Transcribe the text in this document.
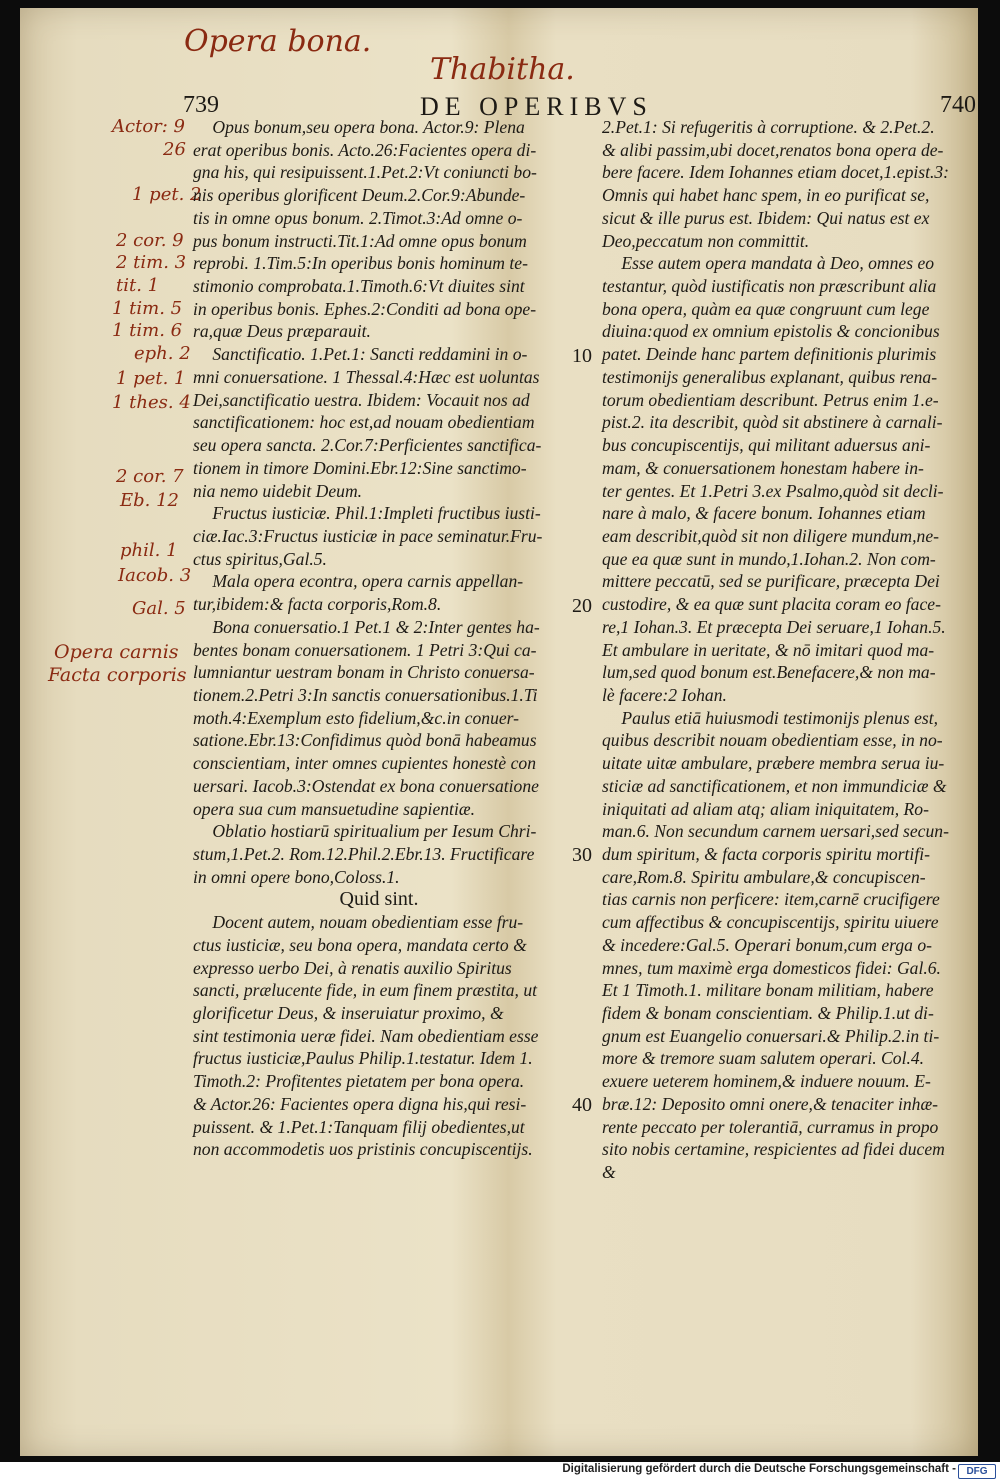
Opera bona.
Thabitha.
739	DE OPERIBVS	740
Actor: 9
26
1 pet. 2
2 cor. 9
2 tim. 3
tit. 1
1 tim. 5
1 tim. 6
eph. 2
1 pet. 1
1 thes. 4
2 cor. 7
Eb. 12
phil. 1
Iacob. 3
Gal. 5
Opera carnis
Facta corporis
10
20
30
40

Opus bonum,seu opera bona. Actor.9: Plena
erat operibus bonis. Acto.26:Facientes opera di-
gna his, qui resipuissent.1.Pet.2:Vt coniuncti bo-
nis operibus glorificent Deum.2.Cor.9:Abunde-
tis in omne opus bonum. 2.Timot.3:Ad omne o-
pus bonum instructi.Tit.1:Ad omne opus bonum
reprobi. 1.Tim.5:In operibus bonis hominum te-
stimonio comprobata.1.Timoth.6:Vt diuites sint
in operibus bonis. Ephes.2:Conditi ad bona ope-
ra,quæ Deus præparauit.

Sanctificatio. 1.Pet.1: Sancti reddamini in o-
mni conuersatione. 1 Thessal.4:Hæc est uoluntas
Dei,sanctificatio uestra. Ibidem: Vocauit nos ad
sanctificationem: hoc est,ad nouam obedientiam
seu opera sancta. 2.Cor.7:Perficientes sanctifica-
tionem in timore Domini.Ebr.12:Sine sanctimo-
nia nemo uidebit Deum.

Fructus iusticiæ. Phil.1:Impleti fructibus iusti-
ciæ.Iac.3:Fructus iusticiæ in pace seminatur.Fru-
ctus spiritus,Gal.5.

Mala opera econtra, opera carnis appellan-
tur,ibidem:& facta corporis,Rom.8.

Bona conuersatio.1 Pet.1 & 2:Inter gentes ha-
bentes bonam conuersationem. 1 Petri 3:Qui ca-
lumniantur uestram bonam in Christo conuersa-
tionem.2.Petri 3:In sanctis conuersationibus.1.Ti
moth.4:Exemplum esto fidelium,&c.in conuer-
satione.Ebr.13:Confidimus quòd bonā habeamus
conscientiam, inter omnes cupientes honestè con
uersari. Iacob.3:Ostendat ex bona conuersatione
opera sua cum mansuetudine sapientiæ.

Oblatio hostiarū spiritualium per Iesum Chri-
stum,1.Pet.2. Rom.12.Phil.2.Ebr.13. Fructificare
in omni opere bono,Coloss.1.

Quid sint.

Docent autem, nouam obedientiam esse fru-
ctus iusticiæ, seu bona opera, mandata certo &
expresso uerbo Dei, à renatis auxilio Spiritus
sancti, prælucente fide, in eum finem præstita, ut
glorificetur Deus, & inseruiatur proximo, &
sint testimonia ueræ fidei. Nam obedientiam esse
fructus iusticiæ,Paulus Philip.1.testatur. Idem 1.
Timoth.2: Profitentes pietatem per bona opera.
& Actor.26: Facientes opera digna his,qui resi-
puissent. & 1.Pet.1:Tanquam filij obedientes,ut
non accommodetis uos pristinis concupiscentijs.

2.Pet.1: Si refugeritis à corruptione. & 2.Pet.2.
& alibi passim,ubi docet,renatos bona opera de-
bere facere. Idem Iohannes etiam docet,1.epist.3:
Omnis qui habet hanc spem, in eo purificat se,
sicut & ille purus est. Ibidem: Qui natus est ex
Deo,peccatum non committit.

Esse autem opera mandata à Deo, omnes eo
testantur, quòd iustificatis non præscribunt alia
bona opera, quàm ea quæ congruunt cum lege
diuina:quod ex omnium epistolis & concionibus
patet. Deinde hanc partem definitionis plurimis
testimonijs generalibus explanant, quibus rena-
torum obedientiam describunt. Petrus enim 1.e-
pist.2. ita describit, quòd sit abstinere à carnali-
bus concupiscentijs, qui militant aduersus ani-
mam, & conuersationem honestam habere in-
ter gentes. Et 1.Petri 3.ex Psalmo,quòd sit decli-
nare à malo, & facere bonum. Iohannes etiam
eam describit,quòd sit non diligere mundum,ne-
que ea quæ sunt in mundo,1.Iohan.2. Non com-
mittere peccatū, sed se purificare, præcepta Dei
custodire, & ea quæ sunt placita coram eo face-
re,1 Iohan.3. Et præcepta Dei seruare,1 Iohan.5.
Et ambulare in ueritate, & nō imitari quod ma-
lum,sed quod bonum est.Benefacere,& non ma-
lè facere:2 Iohan.

Paulus etiā huiusmodi testimonijs plenus est,
quibus describit nouam obedientiam esse, in no-
uitate uitæ ambulare, præbere membra serua iu-
sticiæ ad sanctificationem, et non immundiciæ &
iniquitati ad aliam atq; aliam iniquitatem, Ro-
man.6. Non secundum carnem uersari,sed secun-
dum spiritum, & facta corporis spiritu mortifi-
care,Rom.8. Spiritu ambulare,& concupiscen-
tias carnis non perficere: item,carnē crucifigere
cum affectibus & concupiscentijs, spiritu uiuere
& incedere:Gal.5. Operari bonum,cum erga o-
mnes, tum maximè erga domesticos fidei: Gal.6.
Et 1 Timoth.1. militare bonam militiam, habere
fidem & bonam conscientiam. & Philip.1.ut di-
gnum est Euangelio conuersari.& Philip.2.in ti-
more & tremore suam salutem operari. Col.4.
exuere ueterem hominem,& induere nouum. E-
bræ.12: Deposito omni onere,& tenaciter inhæ-
rente peccato per tolerantiā, curramus in propo
sito nobis certamine, respicientes ad fidei ducem
&

Digitalisierung gefördert durch die Deutsche Forschungsgemeinschaft -	DFG
